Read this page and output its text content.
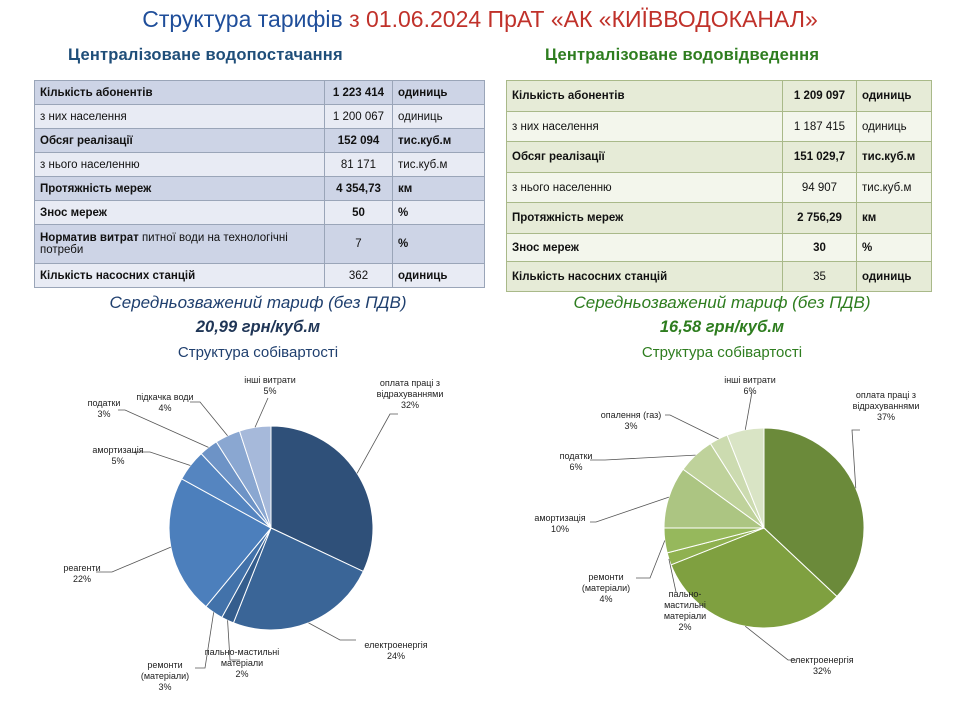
Структура тарифів з 01.06.2024 ПрАТ «АК «КИЇВВОДОКАНАЛ»
Централізоване водопостачання	Централізоване водовідведення
Кількість абонентів	1 223 414	одиниць
з них населення	1 200 067	одиниць
Обсяг реалізації	152 094	тис.куб.м
з нього населенню	81 171	тис.куб.м
Протяжність мереж	4 354,73	км
Знос мереж	50	%
Норматив витрат питної води на технологічні потреби	7	%
Кількість насосних станцій	362	одиниць
Кількість абонентів	1 209 097	одиниць
з них населення	1 187 415	одиниць
Обсяг реалізації	151 029,7	тис.куб.м
з нього населенню	94 907	тис.куб.м
Протяжність мереж	2 756,29	км
Знос мереж	30	%
Кількість насосних станцій	35	одиниць
Середньозважений тариф (без ПДВ)
20,99 грн/куб.м
Структура собівартості
Середньозважений тариф (без ПДВ)
16,58 грн/куб.м
Структура собівартості
оплата праці з відрахуваннями 32%
електроенергія 24%
пально-мастильні матеріали 2%
ремонти (матеріали) 3%
реагенти 22%
амортизація 5%
податки 3%
підкачка води 4%
інші витрати 5%	оплата праці з відрахуваннями 37%
електроенергія 32%
пально-мастильні матеріали 2%
ремонти (матеріали) 4%
амортизація 10%
податки 6%
опалення (газ) 3%
інші витрати 6%
